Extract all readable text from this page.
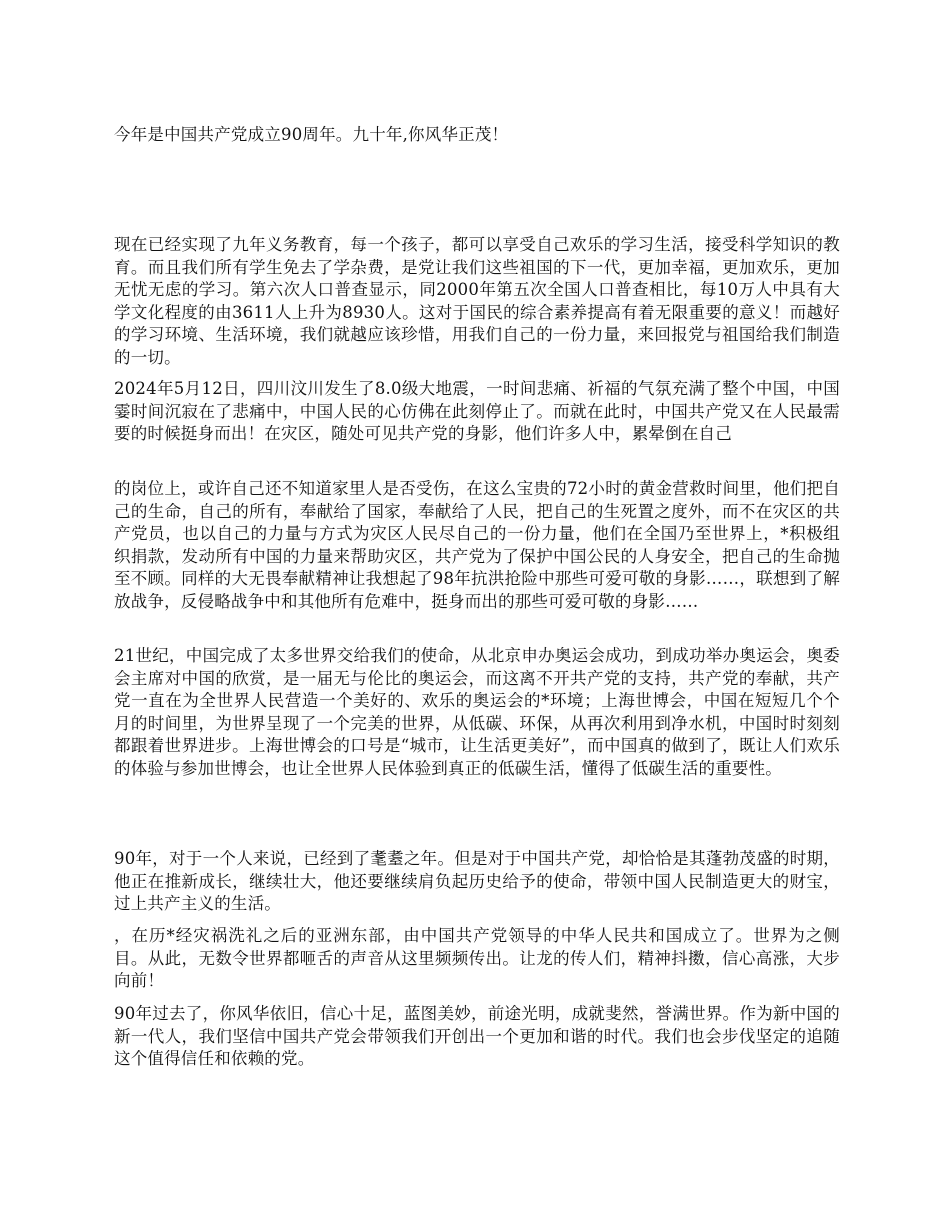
今年是中国共产党成立90周年。九十年,你风华正茂！

现在已经实现了九年义务教育，每一个孩子，都可以享受自己欢乐的学习生活，接受科学知识的教育。而且我们所有学生免去了学杂费，是党让我们这些祖国的下一代，更加幸福，更加欢乐，更加无忧无虑的学习。第六次人口普查显示，同2000年第五次全国人口普查相比，每10万人中具有大学文化程度的由3611人上升为8930人。这对于国民的综合素养提高有着无限重要的意义！而越好的学习环境、生活环境，我们就越应该珍惜，用我们自己的一份力量，来回报党与祖国给我们制造的一切。

2024年5月12日，四川汶川发生了8.0级大地震，一时间悲痛、祈福的气氛充满了整个中国，中国霎时间沉寂在了悲痛中，中国人民的心仿佛在此刻停止了。而就在此时，中国共产党又在人民最需要的时候挺身而出！在灾区，随处可见共产党的身影，他们许多人中，累晕倒在自己

的岗位上，或许自己还不知道家里人是否受伤，在这么宝贵的72小时的黄金营救时间里，他们把自己的生命，自己的所有，奉献给了国家，奉献给了人民，把自己的生死置之度外，而不在灾区的共产党员，也以自己的力量与方式为灾区人民尽自己的一份力量，他们在全国乃至世界上，*积极组织捐款，发动所有中国的力量来帮助灾区，共产党为了保护中国公民的人身安全，把自己的生命抛至不顾。同样的大无畏奉献精神让我想起了98年抗洪抢险中那些可爱可敬的身影……，联想到了解放战争，反侵略战争中和其他所有危难中，挺身而出的那些可爱可敬的身影……

21世纪，中国完成了太多世界交给我们的使命，从北京申办奥运会成功，到成功举办奥运会，奥委会主席对中国的欣赏，是一届无与伦比的奥运会，而这离不开共产党的支持，共产党的奉献，共产党一直在为全世界人民营造一个美好的、欢乐的奥运会的*环境；上海世博会，中国在短短几个个月的时间里，为世界呈现了一个完美的世界，从低碳、环保，从再次利用到净水机，中国时时刻刻都跟着世界进步。上海世博会的口号是“城市，让生活更美好”，而中国真的做到了，既让人们欢乐的体验与参加世博会，也让全世界人民体验到真正的低碳生活，懂得了低碳生活的重要性。

90年，对于一个人来说，已经到了耄耋之年。但是对于中国共产党，却恰恰是其蓬勃茂盛的时期，他正在推新成长，继续壮大，他还要继续肩负起历史给予的使命，带领中国人民制造更大的财宝，过上共产主义的生活。

，在历*经灾祸洗礼之后的亚洲东部，由中国共产党领导的中华人民共和国成立了。世界为之侧目。从此，无数令世界都咂舌的声音从这里频频传出。让龙的传人们，精神抖擞，信心高涨，大步向前！

90年过去了，你风华依旧，信心十足，蓝图美妙，前途光明，成就斐然，誉满世界。作为新中国的新一代人，我们坚信中国共产党会带领我们开创出一个更加和谐的时代。我们也会步伐坚定的追随这个值得信任和依赖的党。
